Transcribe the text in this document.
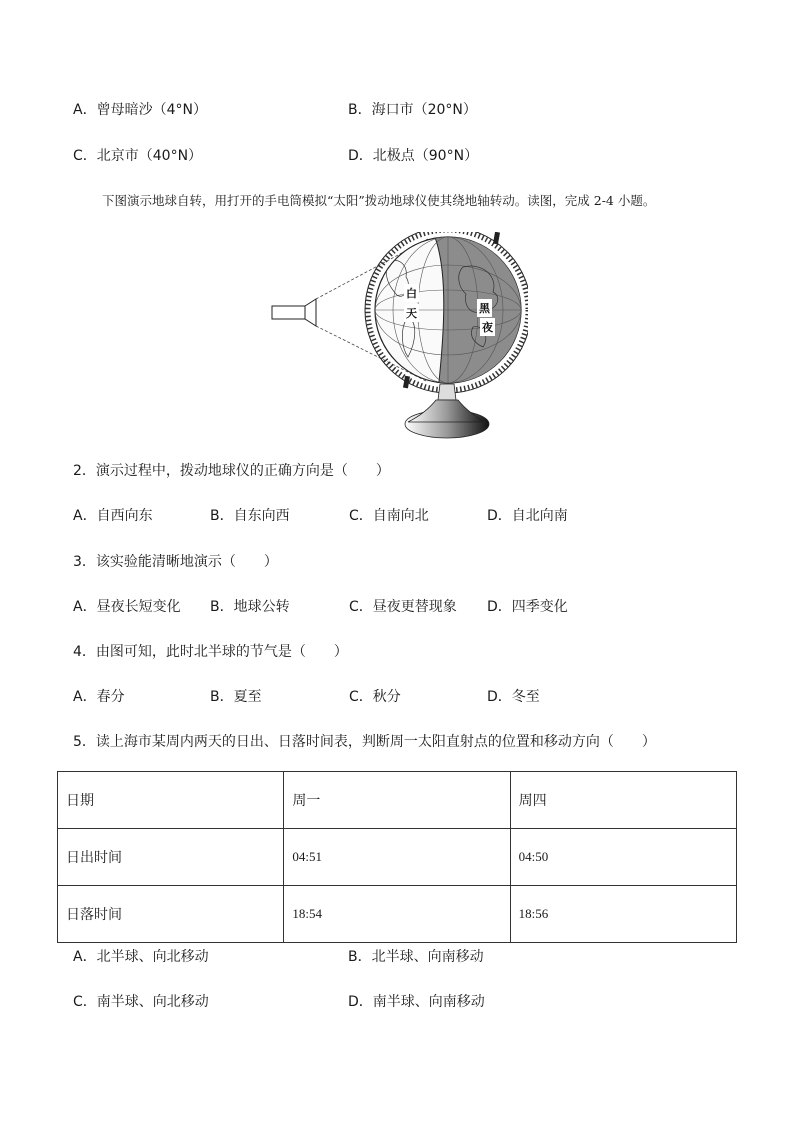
A．曾母暗沙（4°N）	B．海口市（20°N）
C．北京市（40°N）	D．北极点（90°N）
下图演示地球自转，用打开的手电筒模拟“太阳”拨动地球仪使其绕地轴转动。读图，完成 2-4 小题。
白
天	黑
夜
2．演示过程中，拨动地球仪的正确方向是（　　）
A．自西向东	B．自东向西	C．自南向北	D．自北向南
3．该实验能清晰地演示（　　）
A．昼夜长短变化 B．地球公转	C．昼夜更替现象 D．四季变化
4．由图可知，此时北半球的节气是（　　）
A．春分	B．夏至	C．秋分	D．冬至
5．读上海市某周内两天的日出、日落时间表，判断周一太阳直射点的位置和移动方向（　　）
日期	周一	周四
日出时间	04:51	04:50
日落时间	18:54	18:56
A．北半球、向北移动	B．北半球、向南移动
C．南半球、向北移动	D．南半球、向南移动
